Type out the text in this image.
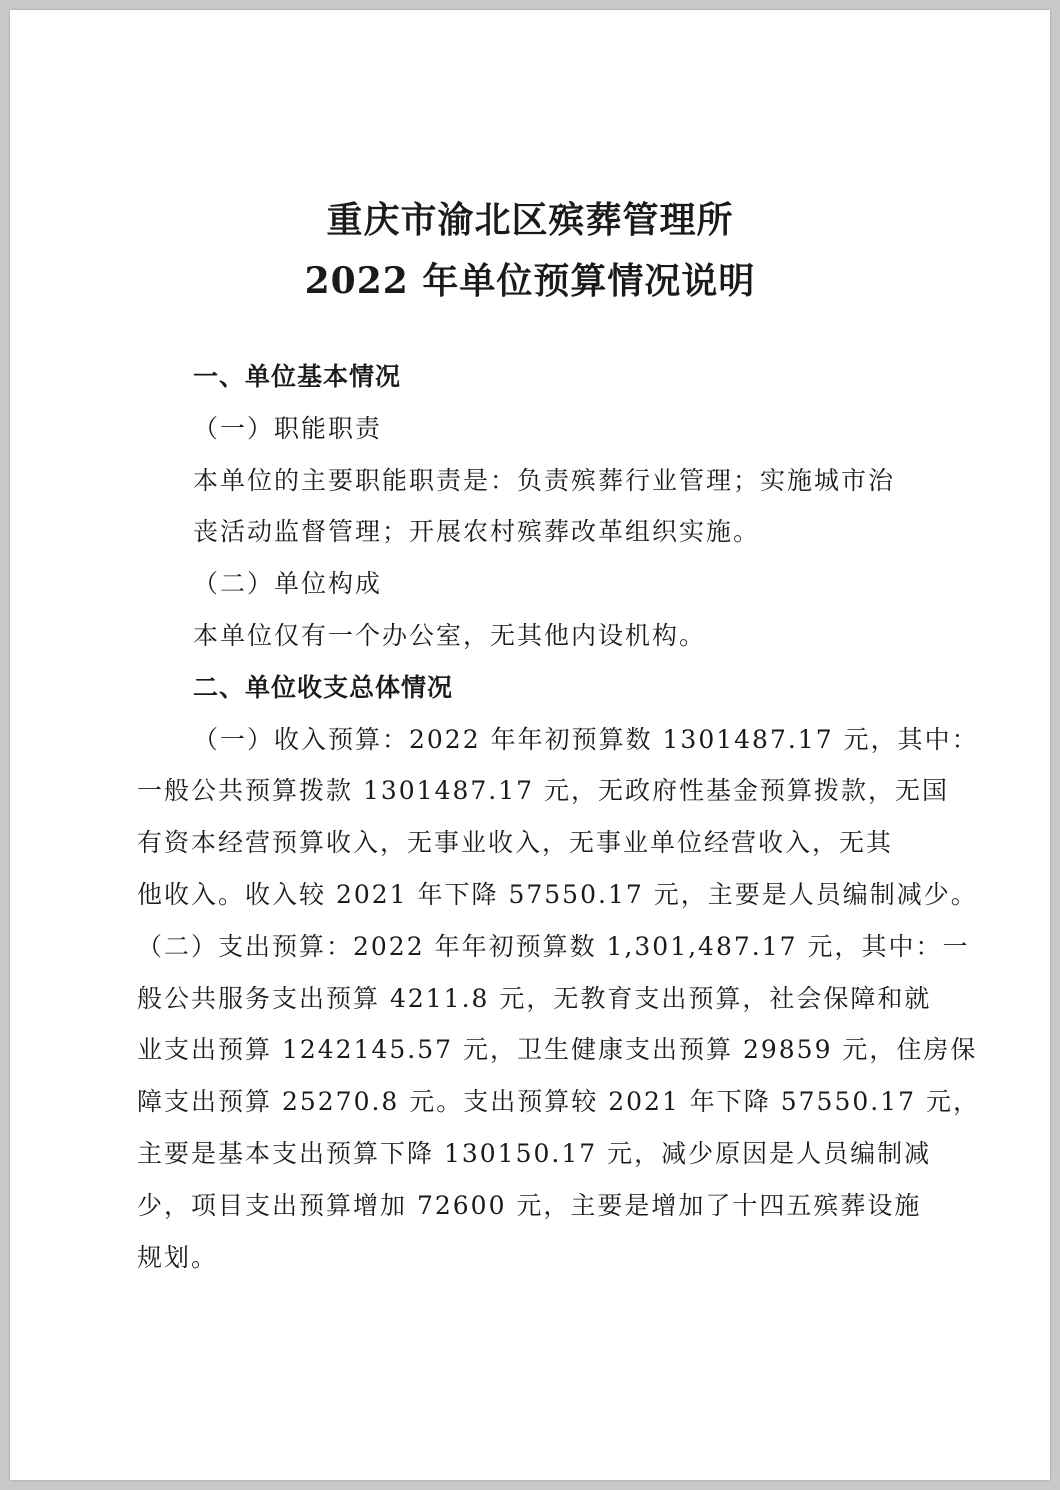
重庆市渝北区殡葬管理所
2022 年单位预算情况说明
一、单位基本情况
（一）职能职责
本单位的主要职能职责是：负责殡葬行业管理；实施城市治
丧活动监督管理；开展农村殡葬改革组织实施。
（二）单位构成
本单位仅有一个办公室，无其他内设机构。
二、单位收支总体情况
（一）收入预算：2022 年年初预算数 1301487.17 元，其中：
一般公共预算拨款 1301487.17 元，无政府性基金预算拨款，无国
有资本经营预算收入，无事业收入，无事业单位经营收入，无其
他收入。收入较 2021 年下降 57550.17 元，主要是人员编制减少。
（二）支出预算：2022 年年初预算数 1,301,487.17 元，其中：一
般公共服务支出预算 4211.8 元，无教育支出预算，社会保障和就
业支出预算 1242145.57 元，卫生健康支出预算 29859 元，住房保
障支出预算 25270.8 元。支出预算较 2021 年下降 57550.17 元，
主要是基本支出预算下降 130150.17 元，减少原因是人员编制减
少，项目支出预算增加 72600 元，主要是增加了十四五殡葬设施
规划。
